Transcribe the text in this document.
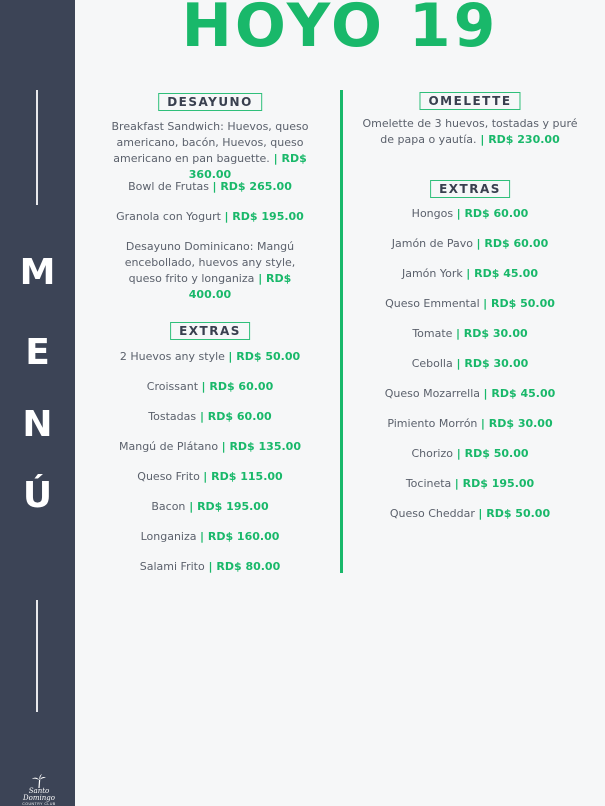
M
E
N
Ú
Santo Domingo
COUNTRY CLUB
HOYO 19
DESAYUNO
Breakfast Sandwich: Huevos, queso americano, bacón, Huevos, queso americano en pan baguette. | RD$ 360.00
Bowl de Frutas | RD$ 265.00
Granola con Yogurt | RD$ 195.00
Desayuno Dominicano: Mangú encebollado, huevos any style, queso frito y longaniza | RD$ 400.00
EXTRAS
2 Huevos any style | RD$ 50.00
Croissant | RD$ 60.00
Tostadas | RD$ 60.00
Mangú de Plátano | RD$ 135.00
Queso Frito | RD$ 115.00
Bacon | RD$ 195.00
Longaniza | RD$ 160.00
Salami Frito | RD$ 80.00
OMELETTE
Omelette de 3 huevos, tostadas y puré de papa o yautía. | RD$ 230.00
EXTRAS
Hongos | RD$ 60.00
Jamón de Pavo | RD$ 60.00
Jamón York | RD$ 45.00
Queso Emmental | RD$ 50.00
Tomate | RD$ 30.00
Cebolla | RD$ 30.00
Queso Mozarrella | RD$ 45.00
Pimiento Morrón | RD$ 30.00
Chorizo | RD$ 50.00
Tocineta | RD$ 195.00
Queso Cheddar | RD$ 50.00
